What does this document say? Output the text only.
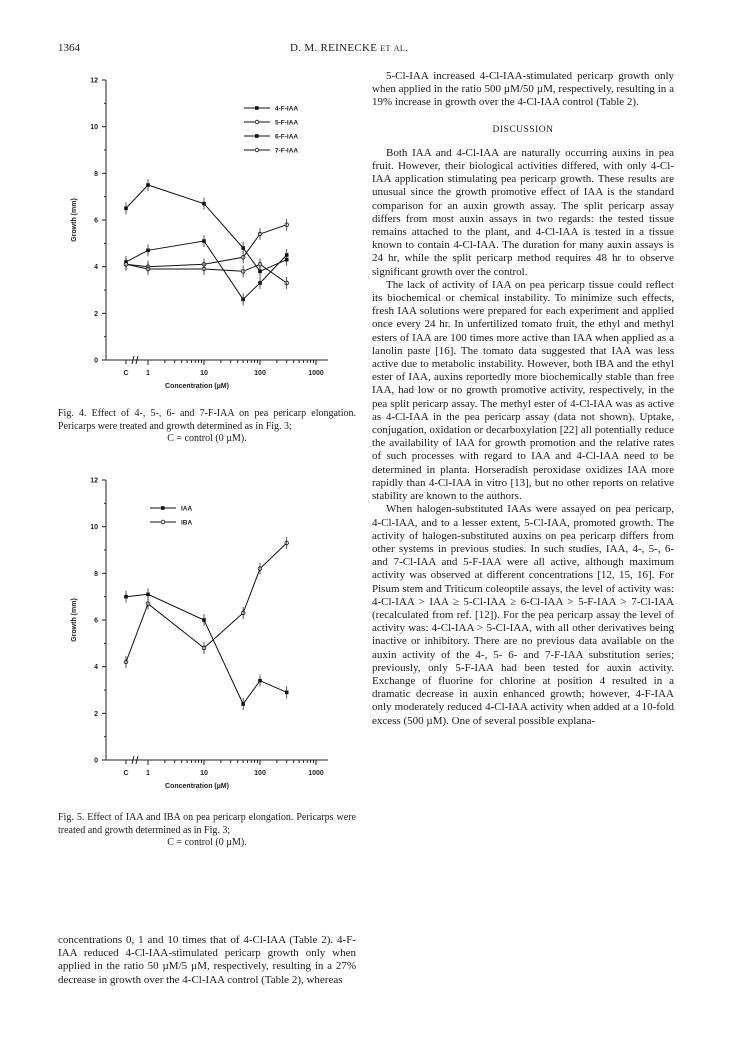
1364	D. M. REINECKE et al.
0
2
4
6
8
10
12
Growth (mm)
C	1	10	100	1000
Concentration (µM)
4-F-IAA
5-F-IAA
6-F-IAA
7-F-IAA
Fig. 4. Effect of 4-, 5-, 6- and 7-F-IAA on pea pericarp elongation. Pericarps were treated and growth determined as in Fig. 3;
C = control (0 µM).
0
2
4
6
8
10
12
Growth (mm)
C	1	10	100	1000
Concentration (µM)
IAA
IBA
Fig. 5. Effect of IAA and IBA on pea pericarp elongation. Pericarps were treated and growth determined as in Fig. 3;
C = control (0 µM).

concentrations 0, 1 and 10 times that of 4-Cl-IAA (Table 2). 4-F-IAA reduced 4-Cl-IAA-stimulated pericarp growth only when applied in the ratio 50 µM/5 µM, respectively, resulting in a 27% decrease in growth over the 4-Cl-IAA control (Table 2), whereas

5-Cl-IAA increased 4-Cl-IAA-stimulated pericarp growth only when applied in the ratio 500 µM/50 µM, respectively, resulting in a 19% increase in growth over the 4-Cl-IAA control (Table 2).

DISCUSSION

Both IAA and 4-Cl-IAA are naturally occurring auxins in pea fruit. However, their biological activities differed, with only 4-Cl-IAA application stimulating pea pericarp growth. These results are unusual since the growth promotive effect of IAA is the standard comparison for an auxin growth assay. The split pericarp assay differs from most auxin assays in two regards: the tested tissue remains attached to the plant, and 4-Cl-IAA is tested in a tissue known to contain 4-Cl-IAA. The duration for many auxin assays is 24 hr, while the split pericarp method requires 48 hr to observe significant growth over the control.

The lack of activity of IAA on pea pericarp tissue could reflect its biochemical or chemical instability. To minimize such effects, fresh IAA solutions were prepared for each experiment and applied once every 24 hr. In unfertilized tomato fruit, the ethyl and methyl esters of IAA are 100 times more active than IAA when applied as a lanolin paste [16]. The tomato data suggested that IAA was less active due to metabolic instability. However, both IBA and the ethyl ester of IAA, auxins reportedly more biochemically stable than free IAA, had low or no growth promotive activity, respectively, in the pea split pericarp assay. The methyl ester of 4-Cl-IAA was as active as 4-Cl-IAA in the pea pericarp assay (data not shown). Uptake, conjugation, oxidation or decarboxylation [22] all potentially reduce the availability of IAA for growth promotion and the relative rates of such processes with regard to IAA and 4-Cl-IAA need to be determined in planta. Horseradish peroxidase oxidizes IAA more rapidly than 4-Cl-IAA in vitro [13], but no other reports on relative stability are known to the authors.

When halogen-substituted IAAs were assayed on pea pericarp, 4-Cl-IAA, and to a lesser extent, 5-Cl-IAA, promoted growth. The activity of halogen-substituted auxins on pea pericarp differs from other systems in previous studies. In such studies, IAA, 4-, 5-, 6- and 7-Cl-IAA and 5-F-IAA were all active, although maximum activity was observed at different concentrations [12, 15, 16]. For Pisum stem and Triticum coleoptile assays, the level of activity was: 4-Cl-IAA > IAA ≥ 5-Cl-IAA ≥ 6-Cl-IAA > 5-F-IAA > 7-Cl-IAA (recalculated from ref. [12]). For the pea pericarp assay the level of activity was: 4-Cl-IAA > 5-Cl-IAA, with all other derivatives being inactive or inhibitory. There are no previous data available on the auxin activity of the 4-, 5- 6- and 7-F-IAA substitution series; previously, only 5-F-IAA had been tested for auxin activity. Exchange of fluorine for chlorine at position 4 resulted in a dramatic decrease in auxin enhanced growth; however, 4-F-IAA only moderately reduced 4-Cl-IAA activity when added at a 10-fold excess (500 µM). One of several possible explana-
